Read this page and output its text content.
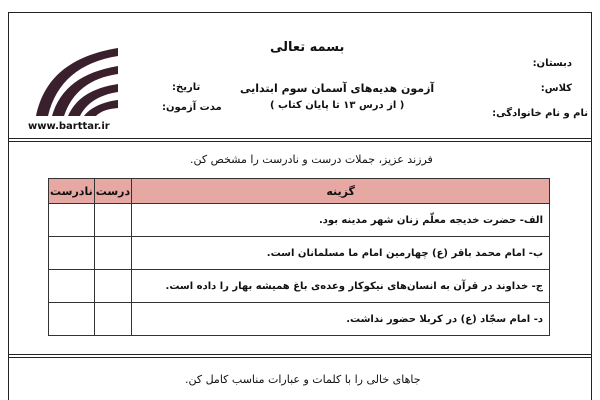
www.barttar.ir
بسمه تعالی
آزمون هدیه‌های آسمان سوم ابتدایی
( از درس ۱۳ تا پایان کتاب )
دبستان:
کلاس:
نام و نام خانوادگی:
تاریخ:
مدت آزمون:
فرزند عزیز، جملات درست و نادرست را مشخص کن.
گزینه	درست	نادرست
الف- حضرت خدیجه معلّم زنان شهر مدینه بود.		
ب- امام محمد باقر (ع) چهارمین امام ما مسلمانان است.		
ج- خداوند در قرآن به انسان‌های نیکوکار وعده‌ی باغ همیشه بهار را داده است.		
د- امام سجّاد (ع) در کربلا حضور نداشت.		
جاهای خالی را با کلمات و عبارات مناسب کامل کن.
